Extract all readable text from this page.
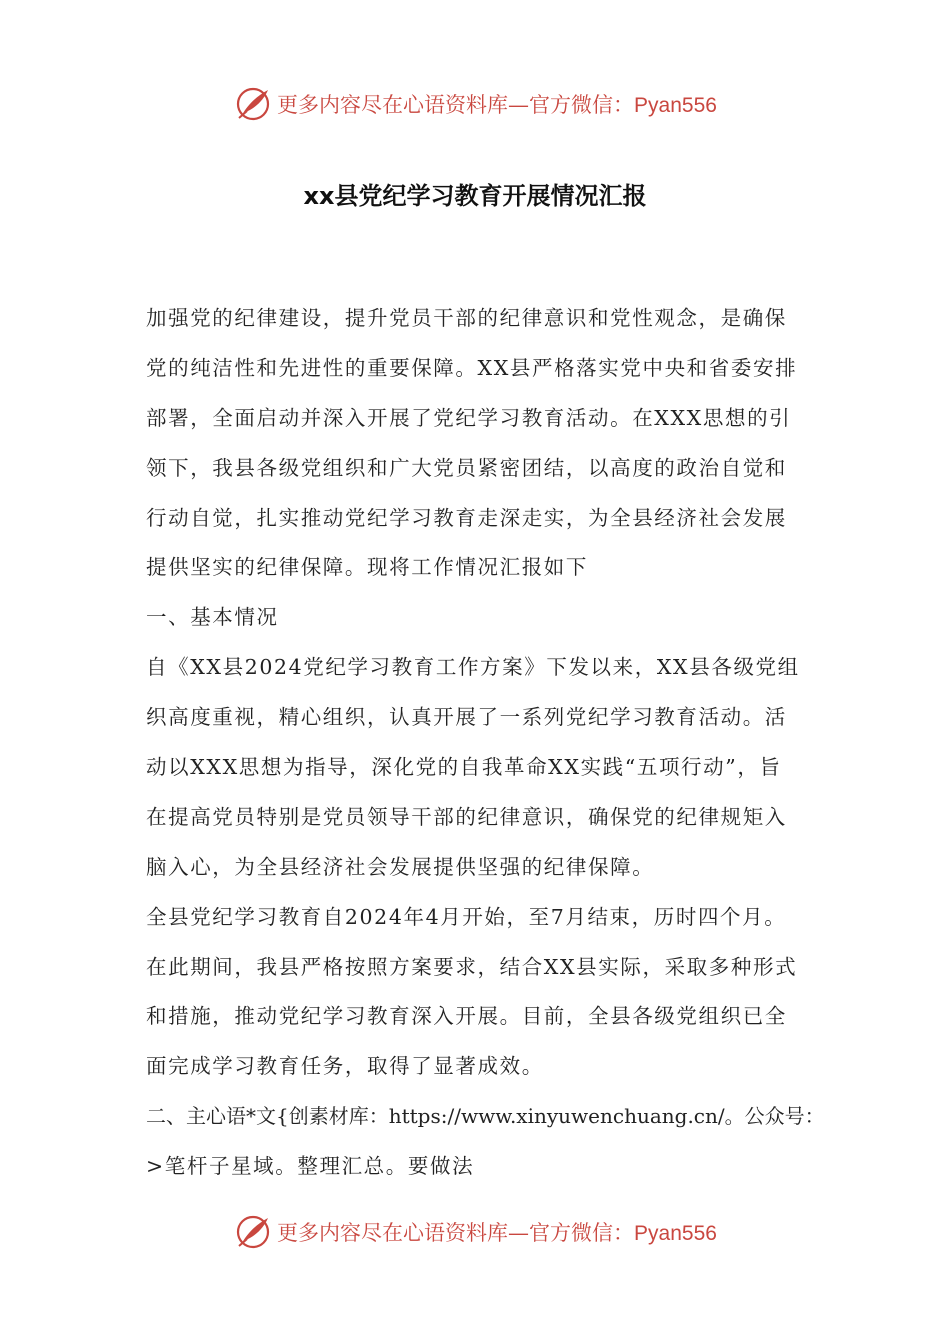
更多内容尽在心语资料库—官方微信：Pyan556
xx县党纪学习教育开展情况汇报
加强党的纪律建设，提升党员干部的纪律意识和党性观念，是确保
党的纯洁性和先进性的重要保障。XX县严格落实党中央和省委安排
部署，全面启动并深入开展了党纪学习教育活动。在XXX思想的引
领下，我县各级党组织和广大党员紧密团结，以高度的政治自觉和
行动自觉，扎实推动党纪学习教育走深走实，为全县经济社会发展
提供坚实的纪律保障。现将工作情况汇报如下
一、基本情况
自《XX县2024党纪学习教育工作方案》下发以来，XX县各级党组
织高度重视，精心组织，认真开展了一系列党纪学习教育活动。活
动以XXX思想为指导，深化党的自我革命XX实践“五项行动”，旨
在提高党员特别是党员领导干部的纪律意识，确保党的纪律规矩入
脑入心，为全县经济社会发展提供坚强的纪律保障。
全县党纪学习教育自2024年4月开始，至7月结束，历时四个月。
在此期间，我县严格按照方案要求，结合XX县实际，采取多种形式
和措施，推动党纪学习教育深入开展。目前，全县各级党组织已全
面完成学习教育任务，取得了显著成效。
二、主心语*文{创素材库：https://www.xinyuwenchuang.cn/。公众号：
>笔杆子星域。整理汇总。要做法
更多内容尽在心语资料库—官方微信：Pyan556
